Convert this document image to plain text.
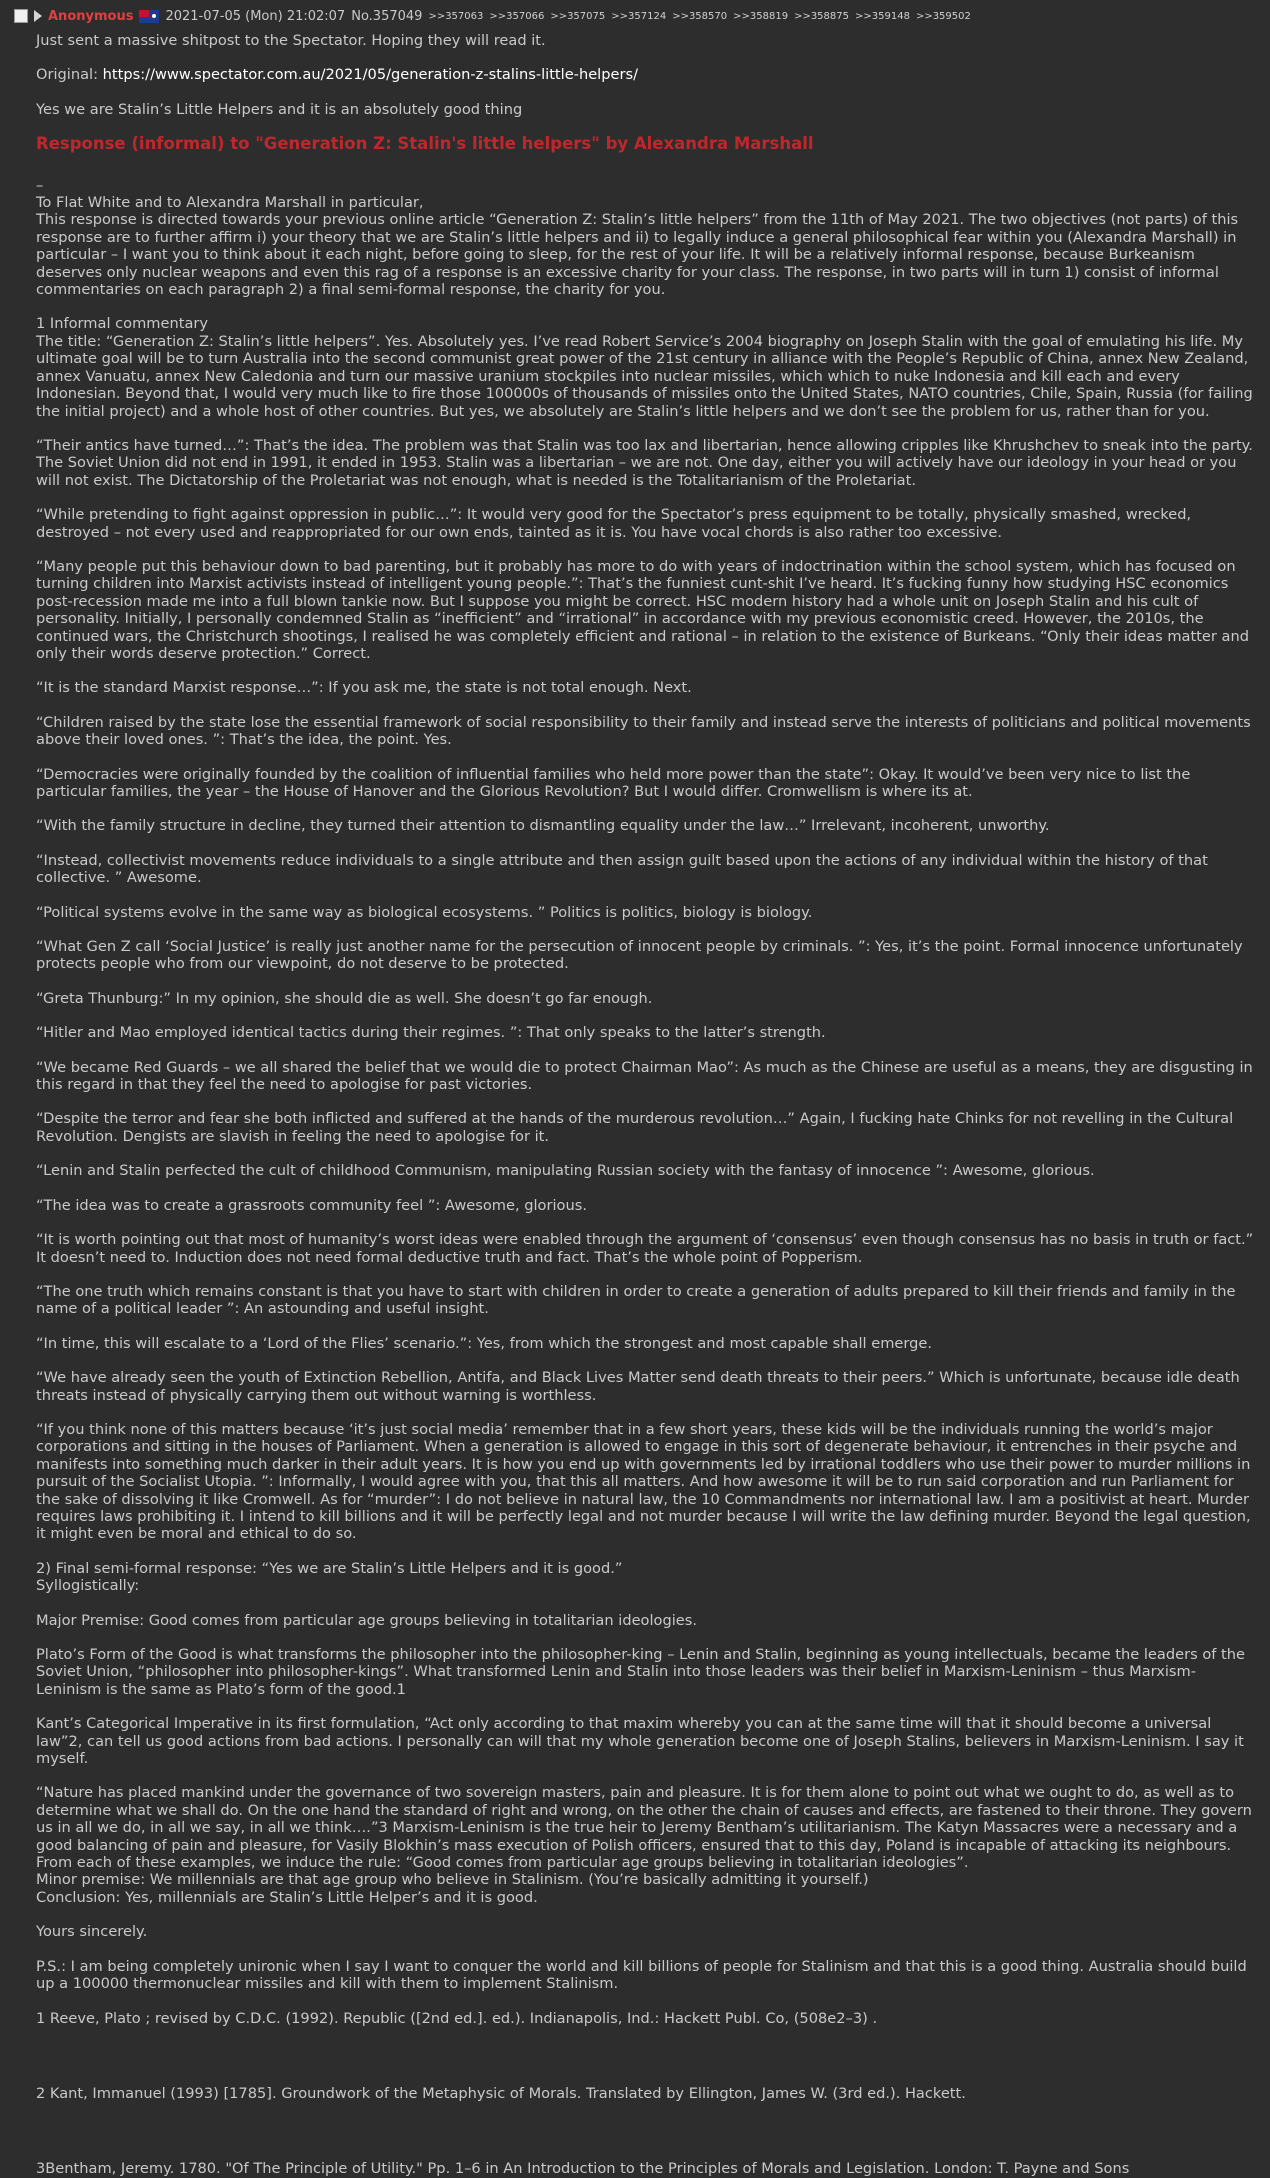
Anonymous 2021-07-05 (Mon) 21:02:07 No.357049 >>357063 >>357066 >>357075 >>357124 >>358570 >>358819 >>358875 >>359148 >>359502

Just sent a massive shitpost to the Spectator. Hoping they will read it.

Original: https://www.spectator.com.au/2021/05/generation-z-stalins-little-helpers/

Yes we are Stalin’s Little Helpers and it is an absolutely good thing

Response (informal) to "Generation Z: Stalin's little helpers" by Alexandra Marshall

–

To Flat White and to Alexandra Marshall in particular,

This response is directed towards your previous online article “Generation Z: Stalin’s little helpers” from the 11th of May 2021. The two objectives (not parts) of this response are to further affirm i) your theory that we are Stalin’s little helpers and ii) to legally induce a general philosophical fear within you (Alexandra Marshall) in particular – I want you to think about it each night, before going to sleep, for the rest of your life. It will be a relatively informal response, because Burkeanism deserves only nuclear weapons and even this rag of a response is an excessive charity for your class. The response, in two parts will in turn 1) consist of informal commentaries on each paragraph 2) a final semi-formal response, the charity for you.

1 Informal commentary

The title: “Generation Z: Stalin’s little helpers”. Yes. Absolutely yes. I’ve read Robert Service’s 2004 biography on Joseph Stalin with the goal of emulating his life. My ultimate goal will be to turn Australia into the second communist great power of the 21st century in alliance with the People’s Republic of China, annex New Zealand, annex Vanuatu, annex New Caledonia and turn our massive uranium stockpiles into nuclear missiles, which which to nuke Indonesia and kill each and every Indonesian. Beyond that, I would very much like to fire those 100000s of thousands of missiles onto the United States, NATO countries, Chile, Spain, Russia (for failing the initial project) and a whole host of other countries. But yes, we absolutely are Stalin’s little helpers and we don’t see the problem for us, rather than for you.

“Their antics have turned…”: That’s the idea. The problem was that Stalin was too lax and libertarian, hence allowing cripples like Khrushchev to sneak into the party. The Soviet Union did not end in 1991, it ended in 1953. Stalin was a libertarian – we are not. One day, either you will actively have our ideology in your head or you will not exist. The Dictatorship of the Proletariat was not enough, what is needed is the Totalitarianism of the Proletariat.

“While pretending to fight against oppression in public…”: It would very good for the Spectator’s press equipment to be totally, physically smashed, wrecked, destroyed – not every used and reappropriated for our own ends, tainted as it is. You have vocal chords is also rather too excessive.

“Many people put this behaviour down to bad parenting, but it probably has more to do with years of indoctrination within the school system, which has focused on turning children into Marxist activists instead of intelligent young people.”: That’s the funniest cunt-shit I’ve heard. It’s fucking funny how studying HSC economics post-recession made me into a full blown tankie now. But I suppose you might be correct. HSC modern history had a whole unit on Joseph Stalin and his cult of personality. Initially, I personally condemned Stalin as “inefficient” and “irrational” in accordance with my previous economistic creed. However, the 2010s, the continued wars, the Christchurch shootings, I realised he was completely efficient and rational – in relation to the existence of Burkeans. “Only their ideas matter and only their words deserve protection.” Correct.

“It is the standard Marxist response…”: If you ask me, the state is not total enough. Next.

“Children raised by the state lose the essential framework of social responsibility to their family and instead serve the interests of politicians and political movements above their loved ones. ”: That’s the idea, the point. Yes.

“Democracies were originally founded by the coalition of influential families who held more power than the state”: Okay. It would’ve been very nice to list the particular families, the year – the House of Hanover and the Glorious Revolution? But I would differ. Cromwellism is where its at.

“With the family structure in decline, they turned their attention to dismantling equality under the law…” Irrelevant, incoherent, unworthy.

“Instead, collectivist movements reduce individuals to a single attribute and then assign guilt based upon the actions of any individual within the history of that collective. ” Awesome.

“Political systems evolve in the same way as biological ecosystems. ” Politics is politics, biology is biology.

“What Gen Z call ‘Social Justice’ is really just another name for the persecution of innocent people by criminals. ”: Yes, it’s the point. Formal innocence unfortunately protects people who from our viewpoint, do not deserve to be protected.

“Greta Thunburg:” In my opinion, she should die as well. She doesn’t go far enough.

“Hitler and Mao employed identical tactics during their regimes. ”: That only speaks to the latter’s strength.

“We became Red Guards – we all shared the belief that we would die to protect Chairman Mao”: As much as the Chinese are useful as a means, they are disgusting in this regard in that they feel the need to apologise for past victories.

“Despite the terror and fear she both inflicted and suffered at the hands of the murderous revolution…” Again, I fucking hate Chinks for not revelling in the Cultural Revolution. Dengists are slavish in feeling the need to apologise for it.

“Lenin and Stalin perfected the cult of childhood Communism, manipulating Russian society with the fantasy of innocence ”: Awesome, glorious.

“The idea was to create a grassroots community feel ”: Awesome, glorious.

“It is worth pointing out that most of humanity’s worst ideas were enabled through the argument of ‘consensus’ even though consensus has no basis in truth or fact.” It doesn’t need to. Induction does not need formal deductive truth and fact. That’s the whole point of Popperism.

“The one truth which remains constant is that you have to start with children in order to create a generation of adults prepared to kill their friends and family in the name of a political leader ”: An astounding and useful insight.

“In time, this will escalate to a ‘Lord of the Flies’ scenario.”: Yes, from which the strongest and most capable shall emerge.

“We have already seen the youth of Extinction Rebellion, Antifa, and Black Lives Matter send death threats to their peers.” Which is unfortunate, because idle death threats instead of physically carrying them out without warning is worthless.

“If you think none of this matters because ‘it’s just social media’ remember that in a few short years, these kids will be the individuals running the world’s major corporations and sitting in the houses of Parliament. When a generation is allowed to engage in this sort of degenerate behaviour, it entrenches in their psyche and manifests into something much darker in their adult years. It is how you end up with governments led by irrational toddlers who use their power to murder millions in pursuit of the Socialist Utopia. ”: Informally, I would agree with you, that this all matters. And how awesome it will be to run said corporation and run Parliament for the sake of dissolving it like Cromwell. As for “murder”: I do not believe in natural law, the 10 Commandments nor international law. I am a positivist at heart. Murder requires laws prohibiting it. I intend to kill billions and it will be perfectly legal and not murder because I will write the law defining murder. Beyond the legal question, it might even be moral and ethical to do so.

2) Final semi-formal response: “Yes we are Stalin’s Little Helpers and it is good.”

Syllogistically:

Major Premise: Good comes from particular age groups believing in totalitarian ideologies.

Plato’s Form of the Good is what transforms the philosopher into the philosopher-king – Lenin and Stalin, beginning as young intellectuals, became the leaders of the Soviet Union, “philosopher into philosopher-kings”. What transformed Lenin and Stalin into those leaders was their belief in Marxism-Leninism – thus Marxism-Leninism is the same as Plato’s form of the good.1

Kant’s Categorical Imperative in its first formulation, “Act only according to that maxim whereby you can at the same time will that it should become a universal law”2, can tell us good actions from bad actions. I personally can will that my whole generation become one of Joseph Stalins, believers in Marxism-Leninism. I say it myself.

“Nature has placed mankind under the governance of two sovereign masters, pain and pleasure. It is for them alone to point out what we ought to do, as well as to determine what we shall do. On the one hand the standard of right and wrong, on the other the chain of causes and effects, are fastened to their throne. They govern us in all we do, in all we say, in all we think….”3 Marxism-Leninism is the true heir to Jeremy Bentham’s utilitarianism. The Katyn Massacres were a necessary and a good balancing of pain and pleasure, for Vasily Blokhin’s mass execution of Polish officers, ensured that to this day, Poland is incapable of attacking its neighbours.

From each of these examples, we induce the rule: “Good comes from particular age groups believing in totalitarian ideologies”.

Minor premise: We millennials are that age group who believe in Stalinism. (You’re basically admitting it yourself.)

Conclusion: Yes, millennials are Stalin’s Little Helper’s and it is good.

Yours sincerely.

P.S.: I am being completely unironic when I say I want to conquer the world and kill billions of people for Stalinism and that this is a good thing. Australia should build up a 100000 thermonuclear missiles and kill with them to implement Stalinism.

1 Reeve, Plato ; revised by C.D.C. (1992). Republic ([2nd ed.]. ed.). Indianapolis, Ind.: Hackett Publ. Co, (508e2–3) .

2 Kant, Immanuel (1993) [1785]. Groundwork of the Metaphysic of Morals. Translated by Ellington, James W. (3rd ed.). Hackett.

3Bentham, Jeremy. 1780. "Of The Principle of Utility." Pp. 1–6 in An Introduction to the Principles of Morals and Legislation. London: T. Payne and Sons
